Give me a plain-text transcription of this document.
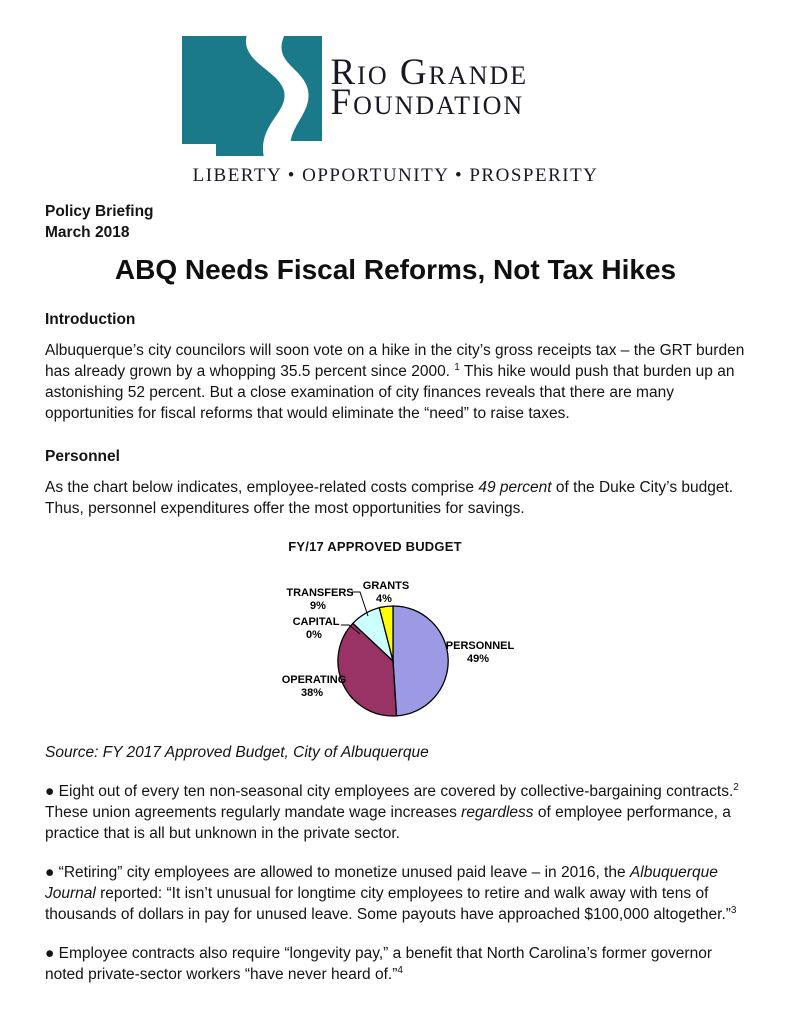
Rio Grande
Foundation
LIBERTY • OPPORTUNITY • PROSPERITY
Policy Briefing
March 2018
ABQ Needs Fiscal Reforms, Not Tax Hikes
Introduction

Albuquerque’s city councilors will soon vote on a hike in the city’s gross receipts tax – the GRT burden has already grown by a whopping 35.5 percent since 2000. $^1$ This hike would push that burden up an astonishing 52 percent. But a close examination of city finances reveals that there are many opportunities for fiscal reforms that would eliminate the “need” to raise taxes.

Personnel

As the chart below indicates, employee-related costs comprise 49 percent of the Duke City’s budget. Thus, personnel expenditures offer the most opportunities for savings.

FY/17 APPROVED BUDGET
PERSONNEL 49%
OPERATING 38%
CAPITAL 0%
TRANSFERS 9%
GRANTS 4%

Source: FY 2017 Approved Budget, City of Albuquerque

● Eight out of every ten non-seasonal city employees are covered by collective-bargaining contracts.$^2$ These union agreements regularly mandate wage increases regardless of employee performance, a practice that is all but unknown in the private sector.

● “Retiring” city employees are allowed to monetize unused paid leave – in 2016, the Albuquerque Journal reported: “It isn’t unusual for longtime city employees to retire and walk away with tens of thousands of dollars in pay for unused leave. Some payouts have approached $100,000 altogether.”$^3$

● Employee contracts also require “longevity pay,” a benefit that North Carolina’s former governor noted private-sector workers “have never heard of.”$^4$
